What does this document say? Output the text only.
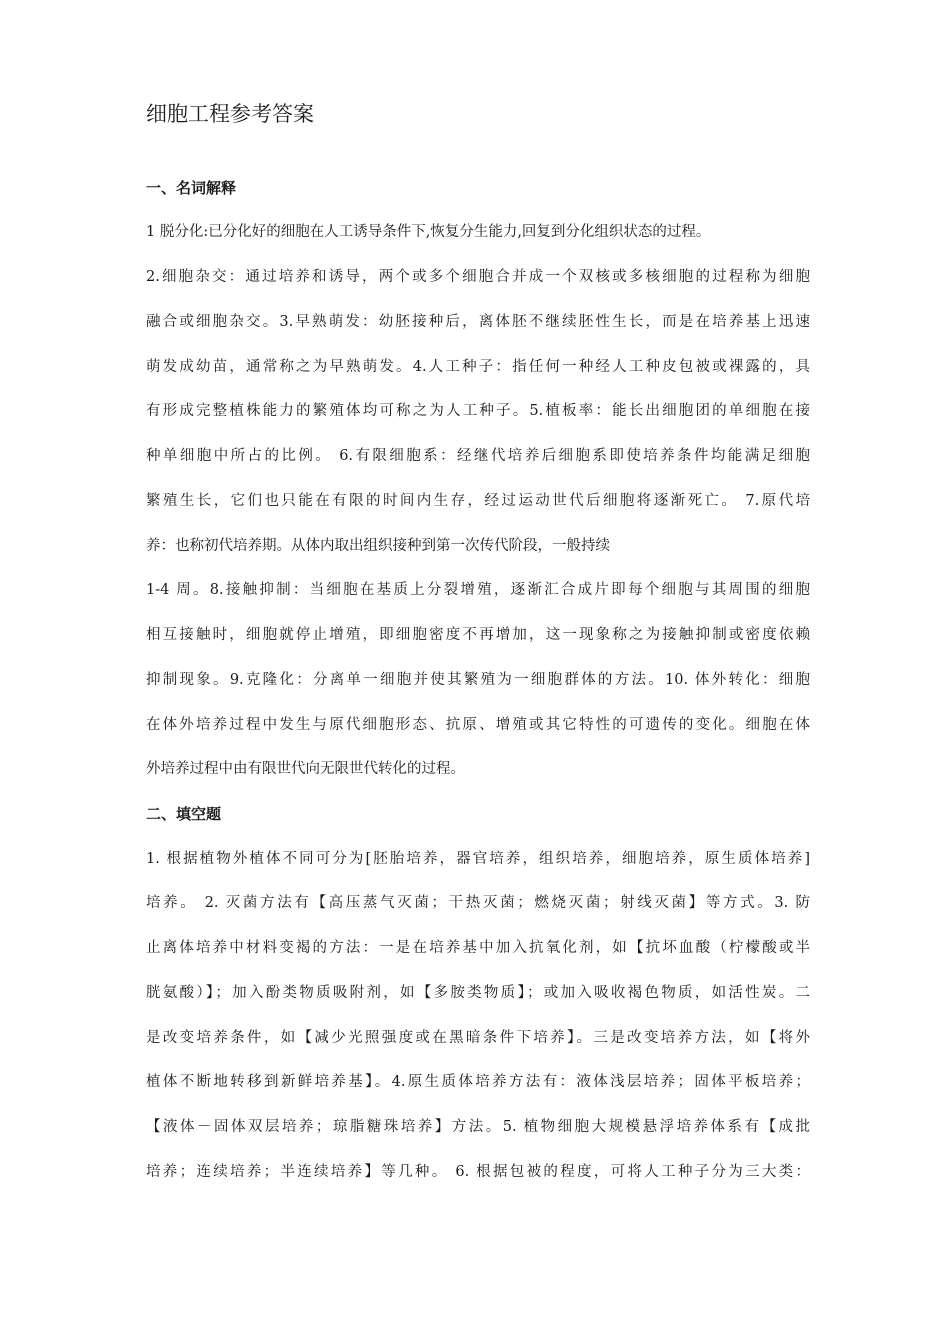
细胞工程参考答案
一、名词解释

1 脱分化:已分化好的细胞在人工诱导条件下,恢复分生能力,回复到分化组织状态的过程。

2.细胞杂交：通过培养和诱导，两个或多个细胞合并成一个双核或多核细胞的过程称为细胞

融合或细胞杂交。3.早熟萌发：幼胚接种后，离体胚不继续胚性生长，而是在培养基上迅速

萌发成幼苗，通常称之为早熟萌发。4.人工种子：指任何一种经人工种皮包被或裸露的，具

有形成完整植株能力的繁殖体均可称之为人工种子。5.植板率：能长出细胞团的单细胞在接

种单细胞中所占的比例。 6.有限细胞系：经继代培养后细胞系即使培养条件均能满足细胞

繁殖生长，它们也只能在有限的时间内生存，经过运动世代后细胞将逐渐死亡。 7.原代培

养：也称初代培养期。从体内取出组织接种到第一次传代阶段，一般持续

1-4 周。8.接触抑制：当细胞在基质上分裂增殖，逐渐汇合成片即每个细胞与其周围的细胞

相互接触时，细胞就停止增殖，即细胞密度不再增加，这一现象称之为接触抑制或密度依赖

抑制现象。9.克隆化：分离单一细胞并使其繁殖为一细胞群体的方法。10. 体外转化：细胞

在体外培养过程中发生与原代细胞形态、抗原、增殖或其它特性的可遗传的变化。细胞在体

外培养过程中由有限世代向无限世代转化的过程。

二、填空题

1. 根据植物外植体不同可分为[胚胎培养，器官培养，组织培养，细胞培养，原生质体培养]

培养。 2. 灭菌方法有【高压蒸气灭菌；干热灭菌；燃烧灭菌；射线灭菌】等方式。3. 防

止离体培养中材料变褐的方法：一是在培养基中加入抗氧化剂，如【抗坏血酸（柠檬酸或半

胱氨酸）】；加入酚类物质吸附剂，如【多胺类物质】；或加入吸收褐色物质，如活性炭。二

是改变培养条件，如【减少光照强度或在黑暗条件下培养】。三是改变培养方法，如【将外

植体不断地转移到新鲜培养基】。4.原生质体培养方法有：液体浅层培养；固体平板培养；

【液体－固体双层培养；琼脂糖珠培养】方法。5. 植物细胞大规模悬浮培养体系有【成批

培养；连续培养；半连续培养】等几种。 6. 根据包被的程度，可将人工种子分为三大类：
